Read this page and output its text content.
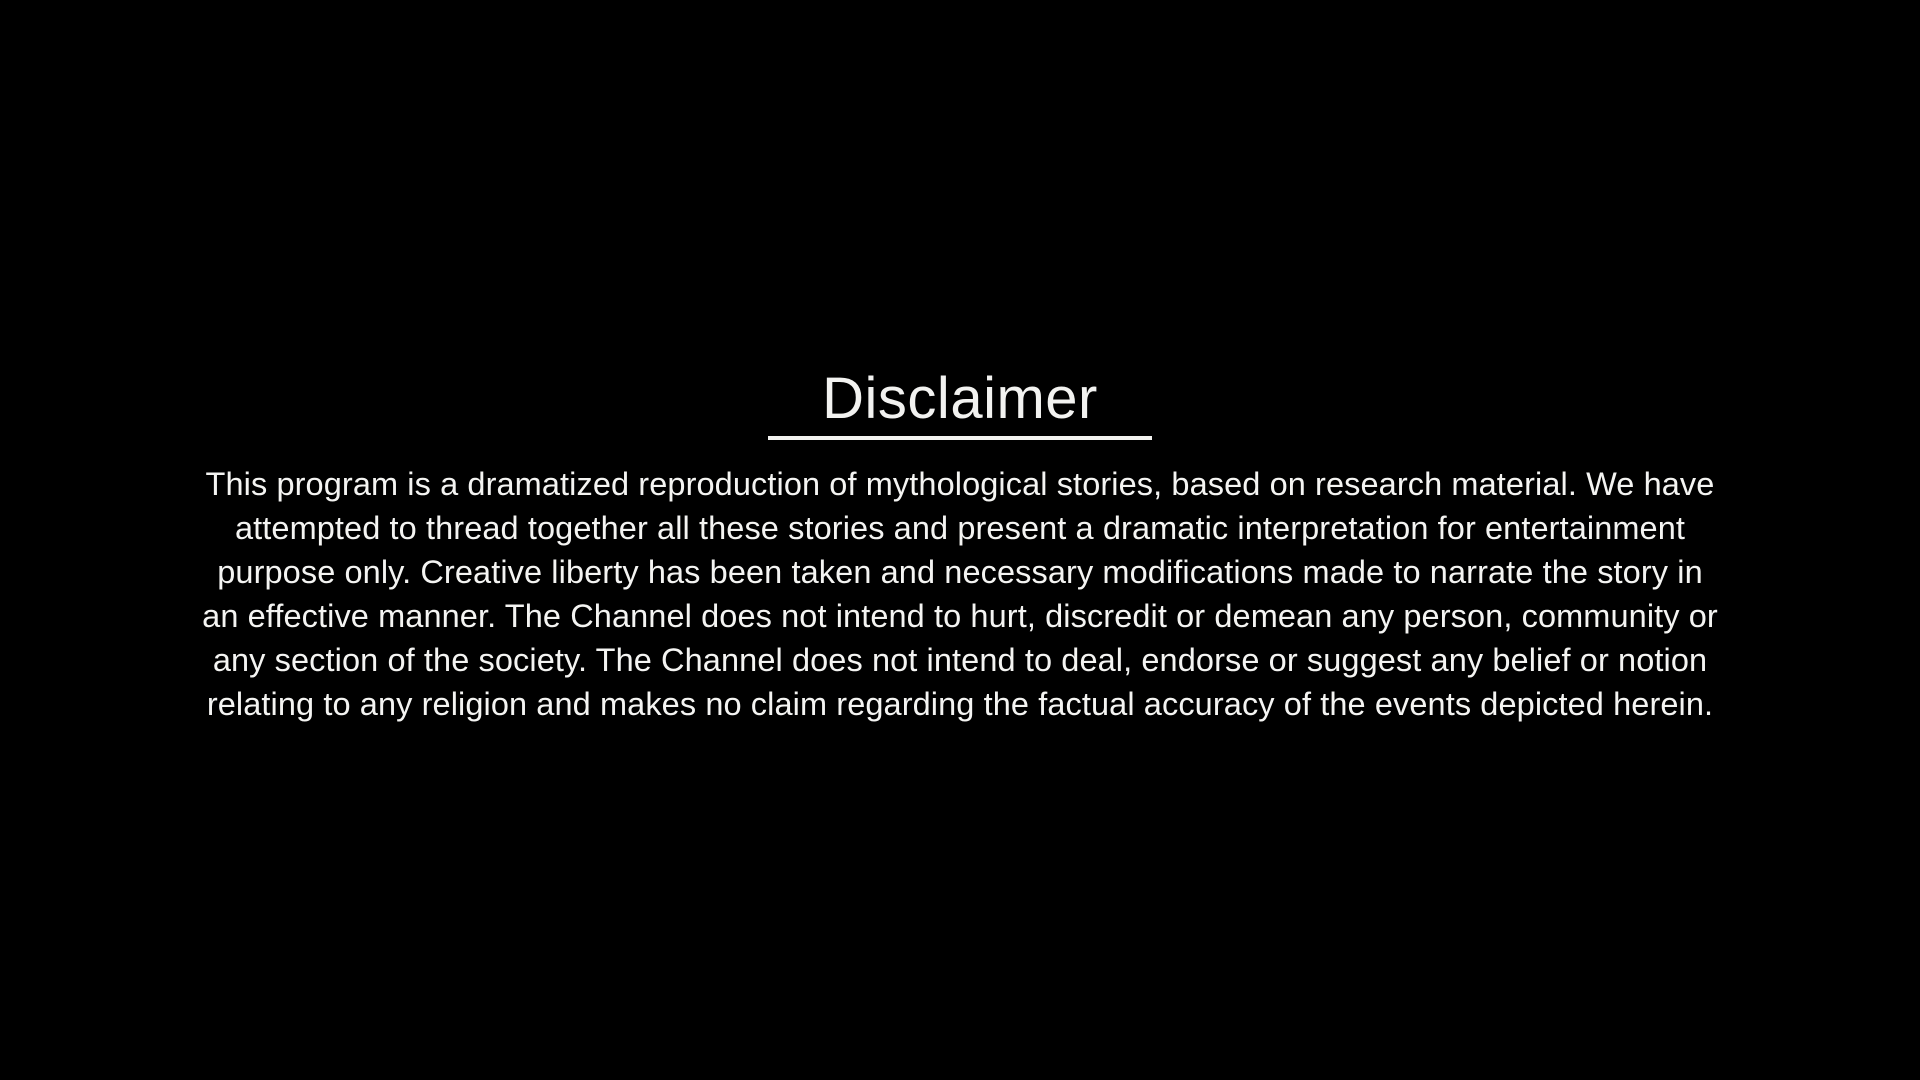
Disclaimer
This program is a dramatized reproduction of mythological stories, based on research material. We have attempted to thread together all these stories and present a dramatic interpretation for entertainment purpose only. Creative liberty has been taken and necessary modifications made to narrate the story in an effective manner. The Channel does not intend to hurt, discredit or demean any person, community or any section of the society. The Channel does not intend to deal, endorse or suggest any belief or notion relating to any religion and makes no claim regarding the factual accuracy of the events depicted herein.
